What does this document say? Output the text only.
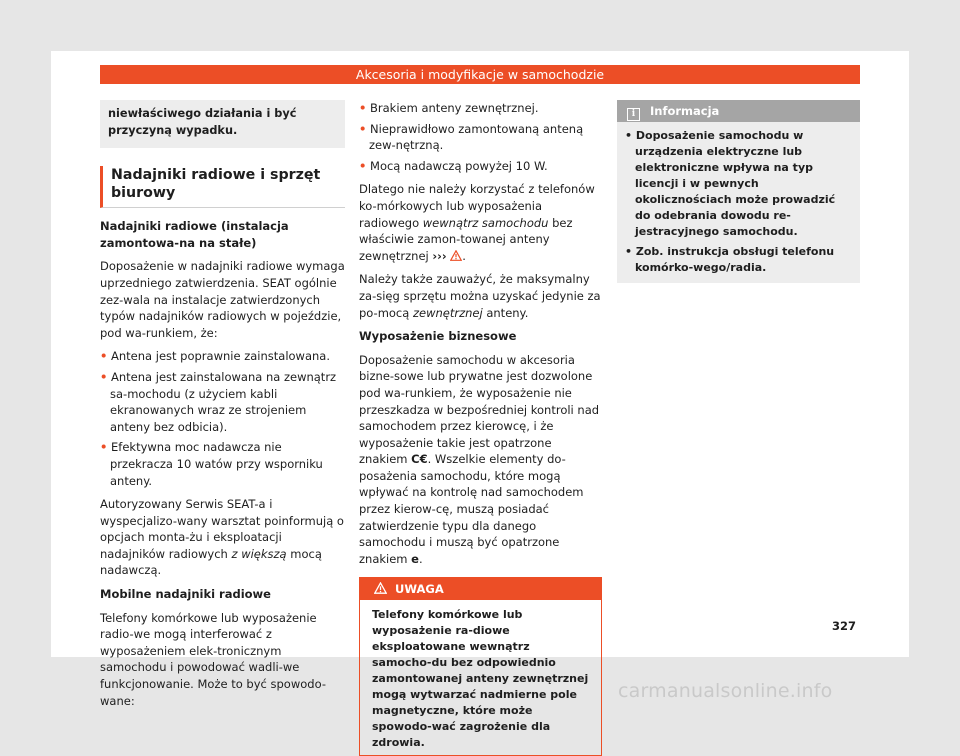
Akcesoria i modyfikacje w samochodzie
niewłaściwego działania i być przyczyną wypadku.
Nadajniki radiowe i sprzęt biurowy

Nadajniki radiowe (instalacja zamontowa-na na stałe)

Doposażenie w nadajniki radiowe wymaga uprzedniego zatwierdzenia. SEAT ogólnie zez-wala na instalacje zatwierdzonych typów nadajników radiowych w pojeździe, pod wa-runkiem, że:

• Antena jest poprawnie zainstalowana.

• Antena jest zainstalowana na zewnątrz sa-mochodu (z użyciem kabli ekranowanych wraz ze strojeniem anteny bez odbicia).

• Efektywna moc nadawcza nie przekracza 10 watów przy wsporniku anteny.

Autoryzowany Serwis SEAT-a i wyspecjalizo-wany warsztat poinformują o opcjach monta-żu i eksploatacji nadajników radiowych z większą mocą nadawczą.

Mobilne nadajniki radiowe

Telefony komórkowe lub wyposażenie radio-we mogą interferować z wyposażeniem elek-tronicznym samochodu i powodować wadli-we funkcjonowanie. Może to być spowodo-wane:

• Brakiem anteny zewnętrznej.

• Nieprawidłowo zamontowaną anteną zew-nętrzną.

• Mocą nadawczą powyżej 10 W.

Dlatego nie należy korzystać z telefonów ko-mórkowych lub wyposażenia radiowego wewnątrz samochodu bez właściwie zamon-towanej anteny zewnętrznej ››› .

Należy także zauważyć, że maksymalny za-sięg sprzętu można uzyskać jedynie za po-mocą zewnętrznej anteny.

Wyposażenie biznesowe

Doposażenie samochodu w akcesoria bizne-sowe lub prywatne jest dozwolone pod wa-runkiem, że wyposażenie nie przeszkadza w bezpośredniej kontroli nad samochodem przez kierowcę, i że wyposażenie takie jest opatrzone znakiem C€. Wszelkie elementy do-posażenia samochodu, które mogą wpływać na kontrolę nad samochodem przez kierow-cę, muszą posiadać zatwierdzenie typu dla danego samochodu i muszą być opatrzone znakiem e.

UWAGA
Telefony komórkowe lub wyposażenie ra-diowe eksploatowane wewnątrz samocho-du bez odpowiednio zamontowanej anteny zewnętrznej mogą wytwarzać nadmierne pole magnetyczne, które może spowodo-wać zagrożenie dla zdrowia.
i Informacja

• Doposażenie samochodu w urządzenia elektryczne lub elektroniczne wpływa na typ licencji i w pewnych okolicznościach może prowadzić do odebrania dowodu re-jestracyjnego samochodu.

• Zob. instrukcja obsługi telefonu komórko-wego/radia.

327
carmanualsonline.info
